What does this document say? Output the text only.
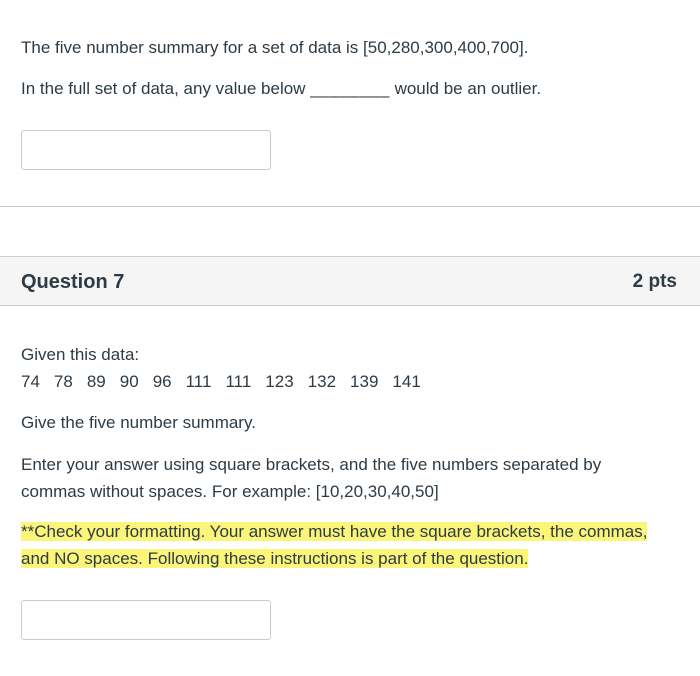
The five number summary for a set of data is [50,280,300,400,700].
In the full set of data, any value below ________ would be an outlier.
Question 7	2 pts
Given this data:
74 78 89 90 96 111 111 123 132 139 141
Give the five number summary.
Enter your answer using square brackets, and the five numbers separated by
commas without spaces. For example: [10,20,30,40,50]
**Check your formatting. Your answer must have the square brackets, the commas,
and NO spaces. Following these instructions is part of the question.
